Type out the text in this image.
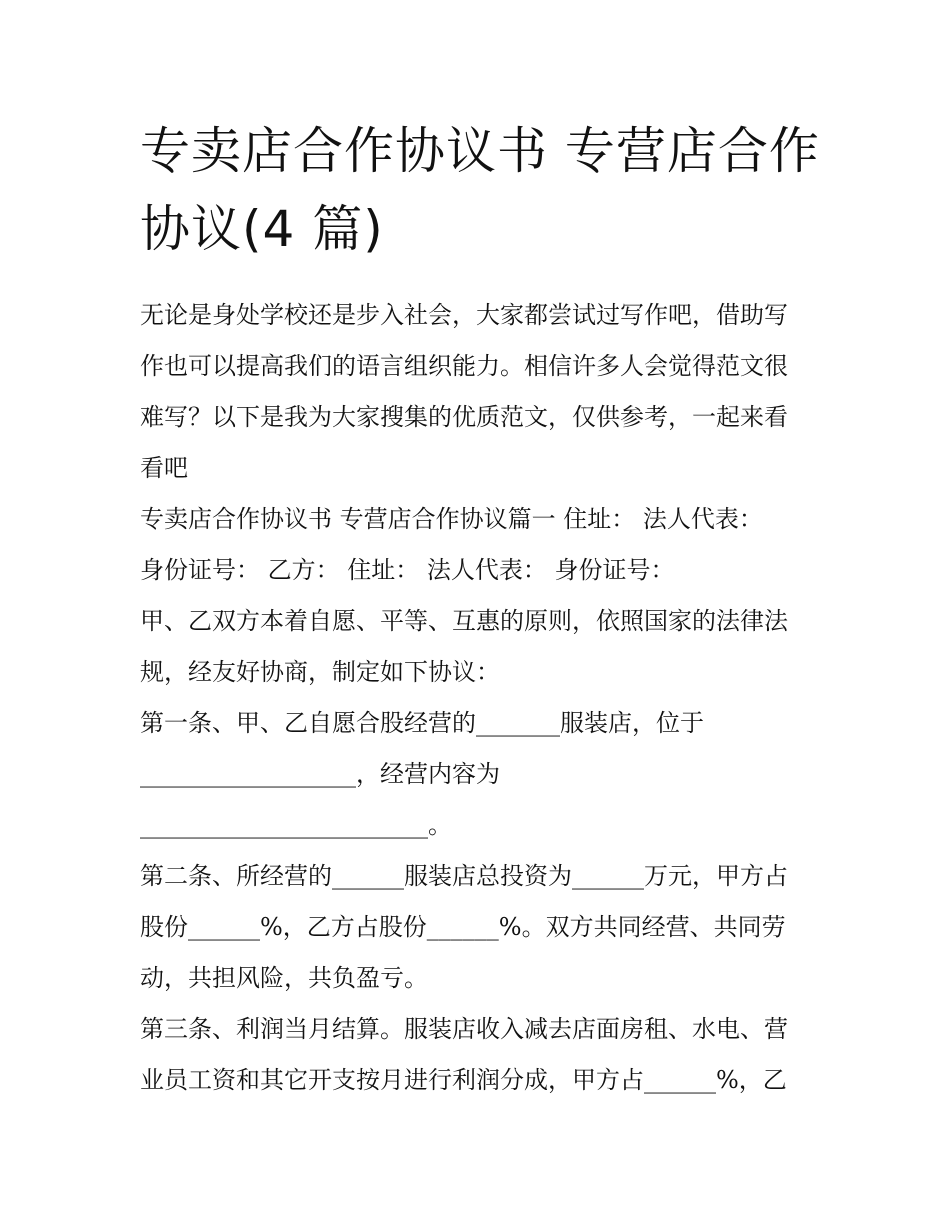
专卖店合作协议书 专营店合作
协议(4 篇)
无论是身处学校还是步入社会，大家都尝试过写作吧，借助写
作也可以提高我们的语言组织能力。相信许多人会觉得范文很
难写？以下是我为大家搜集的优质范文，仅供参考，一起来看
看吧
专卖店合作协议书 专营店合作协议篇一 住址： 法人代表：
身份证号： 乙方： 住址： 法人代表： 身份证号：
甲、乙双方本着自愿、平等、互惠的原则，依照国家的法律法
规，经友好协商，制定如下协议：
第一条、甲、乙自愿合股经营的_______服装店，位于
__________________，经营内容为
________________________。
第二条、所经营的______服装店总投资为______万元，甲方占
股份______%，乙方占股份______%。双方共同经营、共同劳
动，共担风险，共负盈亏。
第三条、利润当月结算。服装店收入减去店面房租、水电、营
业员工资和其它开支按月进行利润分成，甲方占______%，乙
